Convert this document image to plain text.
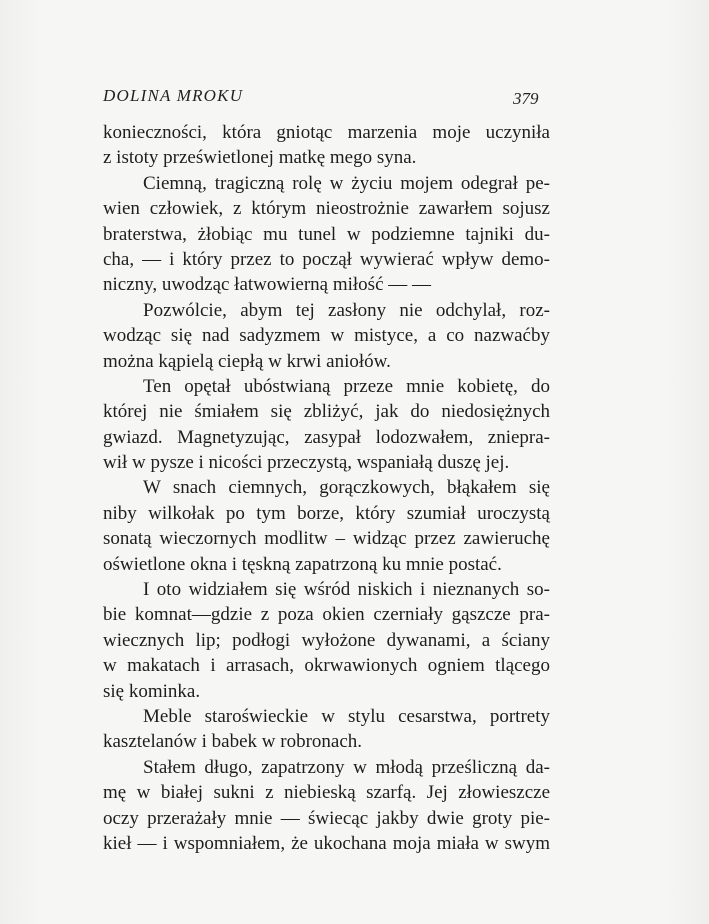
DOLINA MROKU	379
konieczności, która gniotąc marzenia moje uczyniła
z istoty prześwietlonej matkę mego syna.
Ciemną, tragiczną rolę w życiu mojem odegrał pe-
wien człowiek, z którym nieostrożnie zawarłem sojusz
braterstwa, żłobiąc mu tunel w podziemne tajniki du-
cha, — i który przez to począł wywierać wpływ demo-
niczny, uwodząc łatwowierną miłość — —
Pozwólcie, abym tej zasłony nie odchylał, roz-
wodząc się nad sadyzmem w mistyce, a co nazwaćby
można kąpielą ciepłą w krwi aniołów.
Ten opętał ubóstwianą przeze mnie kobietę, do
której nie śmiałem się zbliżyć, jak do niedosiężnych
gwiazd. Magnetyzując, zasypał lodozwałem, zniepra-
wił w pysze i nicości przeczystą, wspaniałą duszę jej.
W snach ciemnych, gorączkowych, błąkałem się
niby wilkołak po tym borze, który szumiał uroczystą
sonatą wieczornych modlitw – widząc przez zawieruchę
oświetlone okna i tęskną zapatrzoną ku mnie postać.
I oto widziałem się wśród niskich i nieznanych so-
bie komnat—gdzie z poza okien czerniały gąszcze pra-
wiecznych lip; podłogi wyłożone dywanami, a ściany
w makatach i arrasach, okrwawionych ogniem tlącego
się kominka.
Meble staroświeckie w stylu cesarstwa, portrety
kasztelanów i babek w robronach.
Stałem długo, zapatrzony w młodą prześliczną da-
mę w białej sukni z niebieską szarfą. Jej złowieszcze
oczy przerażały mnie — świecąc jakby dwie groty pie-
kieł — i wspomniałem, że ukochana moja miała w swym
